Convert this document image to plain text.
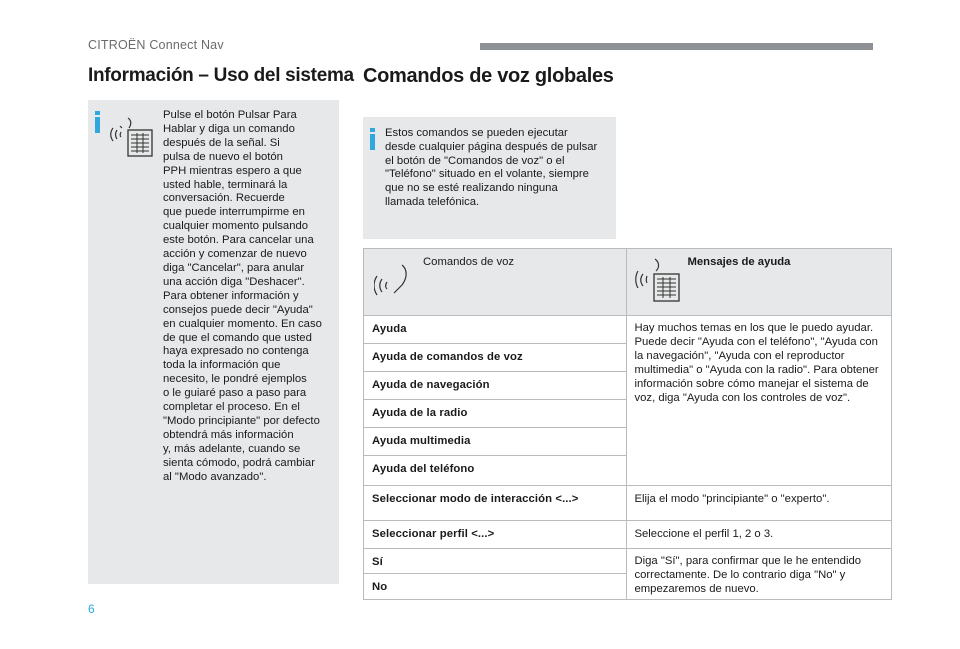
CITROËN Connect Nav
Información – Uso del sistema Comandos de voz globales
Pulse el botón Pulsar Para
Hablar y diga un comando
después de la señal. Si
pulsa de nuevo el botón
PPH mientras espero a que
usted hable, terminará la
conversación. Recuerde
que puede interrumpirme en
cualquier momento pulsando
este botón. Para cancelar una
acción y comenzar de nuevo
diga "Cancelar", para anular
una acción diga "Deshacer".
Para obtener información y
consejos puede decir "Ayuda"
en cualquier momento. En caso
de que el comando que usted
haya expresado no contenga
toda la información que
necesito, le pondré ejemplos
o le guiaré paso a paso para
completar el proceso. En el
"Modo principiante" por defecto
obtendrá más información
y, más adelante, cuando se
sienta cómodo, podrá cambiar
al "Modo avanzado".
Estos comandos se pueden ejecutar
desde cualquier página después de pulsar
el botón de "Comandos de voz" o el
"Teléfono" situado en el volante, siempre
que no se esté realizando ninguna
llamada telefónica.
Comandos de voz	Mensajes de ayuda

Ayuda	Hay muchos temas en los que le puedo ayudar. Puede decir "Ayuda con el teléfono", "Ayuda con la navegación", "Ayuda con el reproductor multimedia" o "Ayuda con la radio". Para obtener información sobre cómo manejar el sistema de voz, diga "Ayuda con los controles de voz".
Ayuda de comandos de voz	
Ayuda de navegación	
Ayuda de la radio	
Ayuda multimedia	
Ayuda del teléfono	
Seleccionar modo de interacción <...>	Elija el modo "principiante" o "experto".
Seleccionar perfil <...>	Seleccione el perfil 1, 2 o 3.
Sí	Diga "Sí", para confirmar que le he entendido correctamente. De lo contrario diga "No" y empezaremos de nuevo.
No	
6
